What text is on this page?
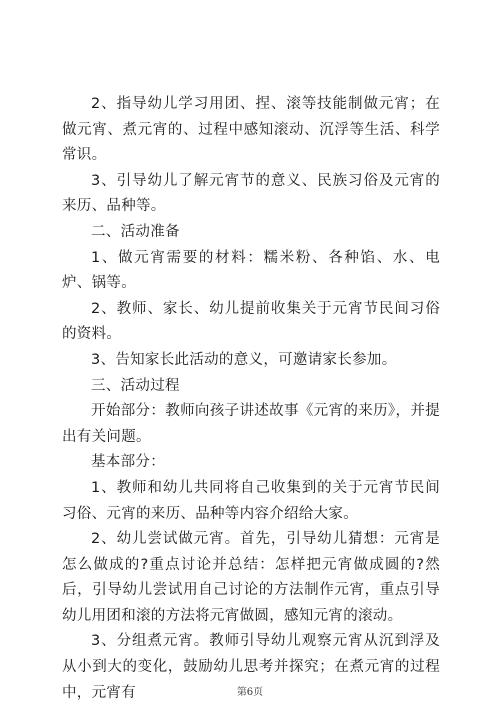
2、指导幼儿学习用团、捏、滚等技能制做元宵；在做元宵、煮元宵的、过程中感知滚动、沉浮等生活、科学常识。

3、引导幼儿了解元宵节的意义、民族习俗及元宵的来历、品种等。

二、活动准备

1、做元宵需要的材料：糯米粉、各种馅、水、电炉、锅等。

2、教师、家长、幼儿提前收集关于元宵节民间习俗的资料。

3、告知家长此活动的意义，可邀请家长参加。

三、活动过程

开始部分：教师向孩子讲述故事《元宵的来历》，并提出有关问题。

基本部分：

1、教师和幼儿共同将自己收集到的关于元宵节民间习俗、元宵的来历、品种等内容介绍给大家。

2、幼儿尝试做元宵。首先，引导幼儿猜想：元宵是怎么做成的?重点讨论并总结：怎样把元宵做成圆的?然后，引导幼儿尝试用自己讨论的方法制作元宵，重点引导幼儿用团和滚的方法将元宵做圆，感知元宵的滚动。

3、分组煮元宵。教师引导幼儿观察元宵从沉到浮及从小到大的变化，鼓励幼儿思考并探究；在煮元宵的过程中，元宵有	第6页
